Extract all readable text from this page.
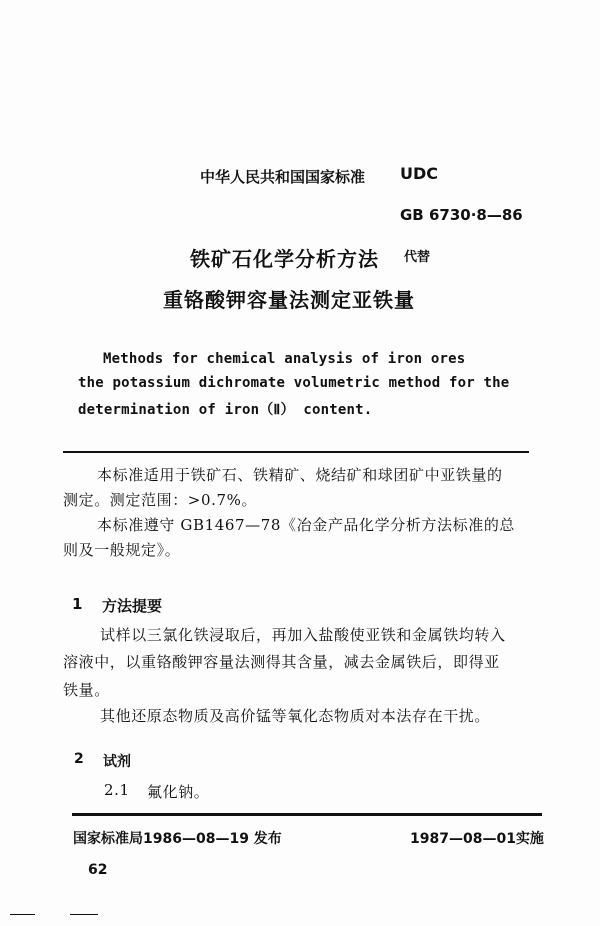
中华人民共和国国家标准 UDC
GB 6730·8—86
铁矿石化学分析方法 代替
重铬酸钾容量法测定亚铁量
Methods for chemical analysis of iron ores
the potassium dichromate volumetric method for the
determination of iron（Ⅱ） content.
本标准适用于铁矿石、铁精矿、烧结矿和球团矿中亚铁量的
测定。测定范围：>0.7%。
本标准遵守 GB1467—78《冶金产品化学分析方法标准的总
则及一般规定》。
1 方法提要
试样以三氯化铁浸取后，再加入盐酸使亚铁和金属铁均转入
溶液中，以重铬酸钾容量法测得其含量，减去金属铁后，即得亚
铁量。
其他还原态物质及高价锰等氧化态物质对本法存在干扰。
2 试剂
2.1 氟化钠。
国家标准局1986—08—19 发布	1987—08—01实施
62
